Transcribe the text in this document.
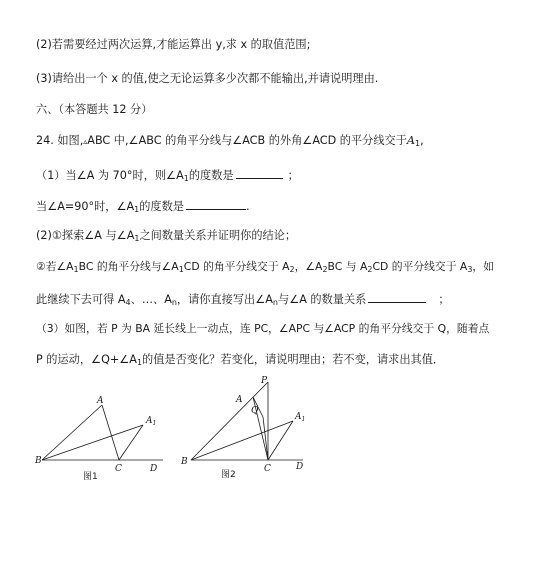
(2)若需要经过两次运算,才能运算出 y,求 x 的取值范围;
(3)请给出一个 x 的值,使之无论运算多少次都不能输出,并请说明理由.
六、（本答题共 12 分）
24. 如图,▵ABC 中,∠ABC 的角平分线与∠ACB 的外角∠ACD 的平分线交于$A_1$,
（1）当∠A 为 70°时，则$\angle A_1$的度数是	；
当∠A=90°时，$\angle A_1$的度数是	.
(2)①探索∠A 与$\angle A_1$之间数量关系并证明你的结论；
②若$\angle A_1BC$ 的角平分线与$\angle A_1CD$ 的角平分线交于 $A_2$，$\angle A_2BC$ 与 $A_2CD$ 的平分线交于 $A_3$，如
此继续下去可得 $A_4$、…、$A_n$，请你直接写出$\angle A_n$与∠A 的数量关系	；
（3）如图，若 P 为 BA 延长线上一动点，连 PC，∠APC 与∠ACP 的角平分线交于 Q，随着点
P 的运动，$\angle Q+\angle A_1$的值是否变化？若变化，请说明理由；若不变，请求出其值．
A
$A_1$
B
C	D
图1
P
A
Q
$A_1$
B
C	D
图2
